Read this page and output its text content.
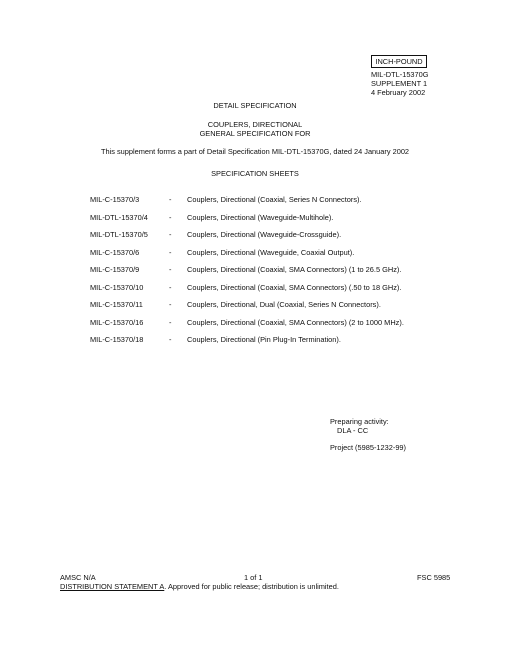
INCH-POUND
MIL-DTL-15370G
SUPPLEMENT 1
4 February 2002
DETAIL SPECIFICATION
COUPLERS, DIRECTIONAL
GENERAL SPECIFICATION FOR
This supplement forms a part of Detail Specification MIL-DTL-15370G, dated 24 January 2002
SPECIFICATION SHEETS
MIL-C-15370/3	- Couplers, Directional (Coaxial, Series N Connectors).
MIL-DTL-15370/4	- Couplers, Directional (Waveguide-Multihole).
MIL-DTL-15370/5	- Couplers, Directional (Waveguide-Crossguide).
MIL-C-15370/6	- Couplers, Directional (Waveguide, Coaxial Output).
MIL-C-15370/9	- Couplers, Directional (Coaxial, SMA Connectors) (1 to 26.5 GHz).
MIL-C-15370/10	- Couplers, Directional (Coaxial, SMA Connectors) (.50 to 18 GHz).
MIL-C-15370/11	- Couplers, Directional, Dual (Coaxial, Series N Connectors).
MIL-C-15370/16	- Couplers, Directional (Coaxial, SMA Connectors) (2 to 1000 MHz).
MIL-C-15370/18	- Couplers, Directional (Pin Plug-In Termination).
Preparing activity:
DLA - CC
Project (5985-1232-99)
AMSC N/A	1 of 1	FSC 5985
DISTRIBUTION STATEMENT A. Approved for public release; distribution is unlimited.
